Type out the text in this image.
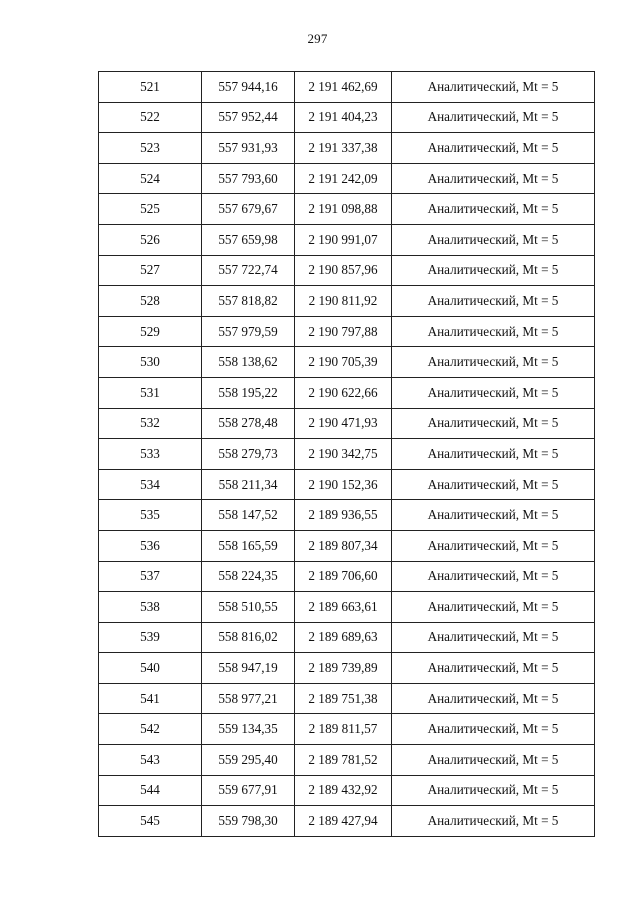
297
521	557 944,16	2 191 462,69	Аналитический, Mt = 5
522	557 952,44	2 191 404,23	Аналитический, Mt = 5
523	557 931,93	2 191 337,38	Аналитический, Mt = 5
524	557 793,60	2 191 242,09	Аналитический, Mt = 5
525	557 679,67	2 191 098,88	Аналитический, Mt = 5
526	557 659,98	2 190 991,07	Аналитический, Mt = 5
527	557 722,74	2 190 857,96	Аналитический, Mt = 5
528	557 818,82	2 190 811,92	Аналитический, Mt = 5
529	557 979,59	2 190 797,88	Аналитический, Mt = 5
530	558 138,62	2 190 705,39	Аналитический, Mt = 5
531	558 195,22	2 190 622,66	Аналитический, Mt = 5
532	558 278,48	2 190 471,93	Аналитический, Mt = 5
533	558 279,73	2 190 342,75	Аналитический, Mt = 5
534	558 211,34	2 190 152,36	Аналитический, Mt = 5
535	558 147,52	2 189 936,55	Аналитический, Mt = 5
536	558 165,59	2 189 807,34	Аналитический, Mt = 5
537	558 224,35	2 189 706,60	Аналитический, Mt = 5
538	558 510,55	2 189 663,61	Аналитический, Mt = 5
539	558 816,02	2 189 689,63	Аналитический, Mt = 5
540	558 947,19	2 189 739,89	Аналитический, Mt = 5
541	558 977,21	2 189 751,38	Аналитический, Mt = 5
542	559 134,35	2 189 811,57	Аналитический, Mt = 5
543	559 295,40	2 189 781,52	Аналитический, Mt = 5
544	559 677,91	2 189 432,92	Аналитический, Mt = 5
545	559 798,30	2 189 427,94	Аналитический, Mt = 5
